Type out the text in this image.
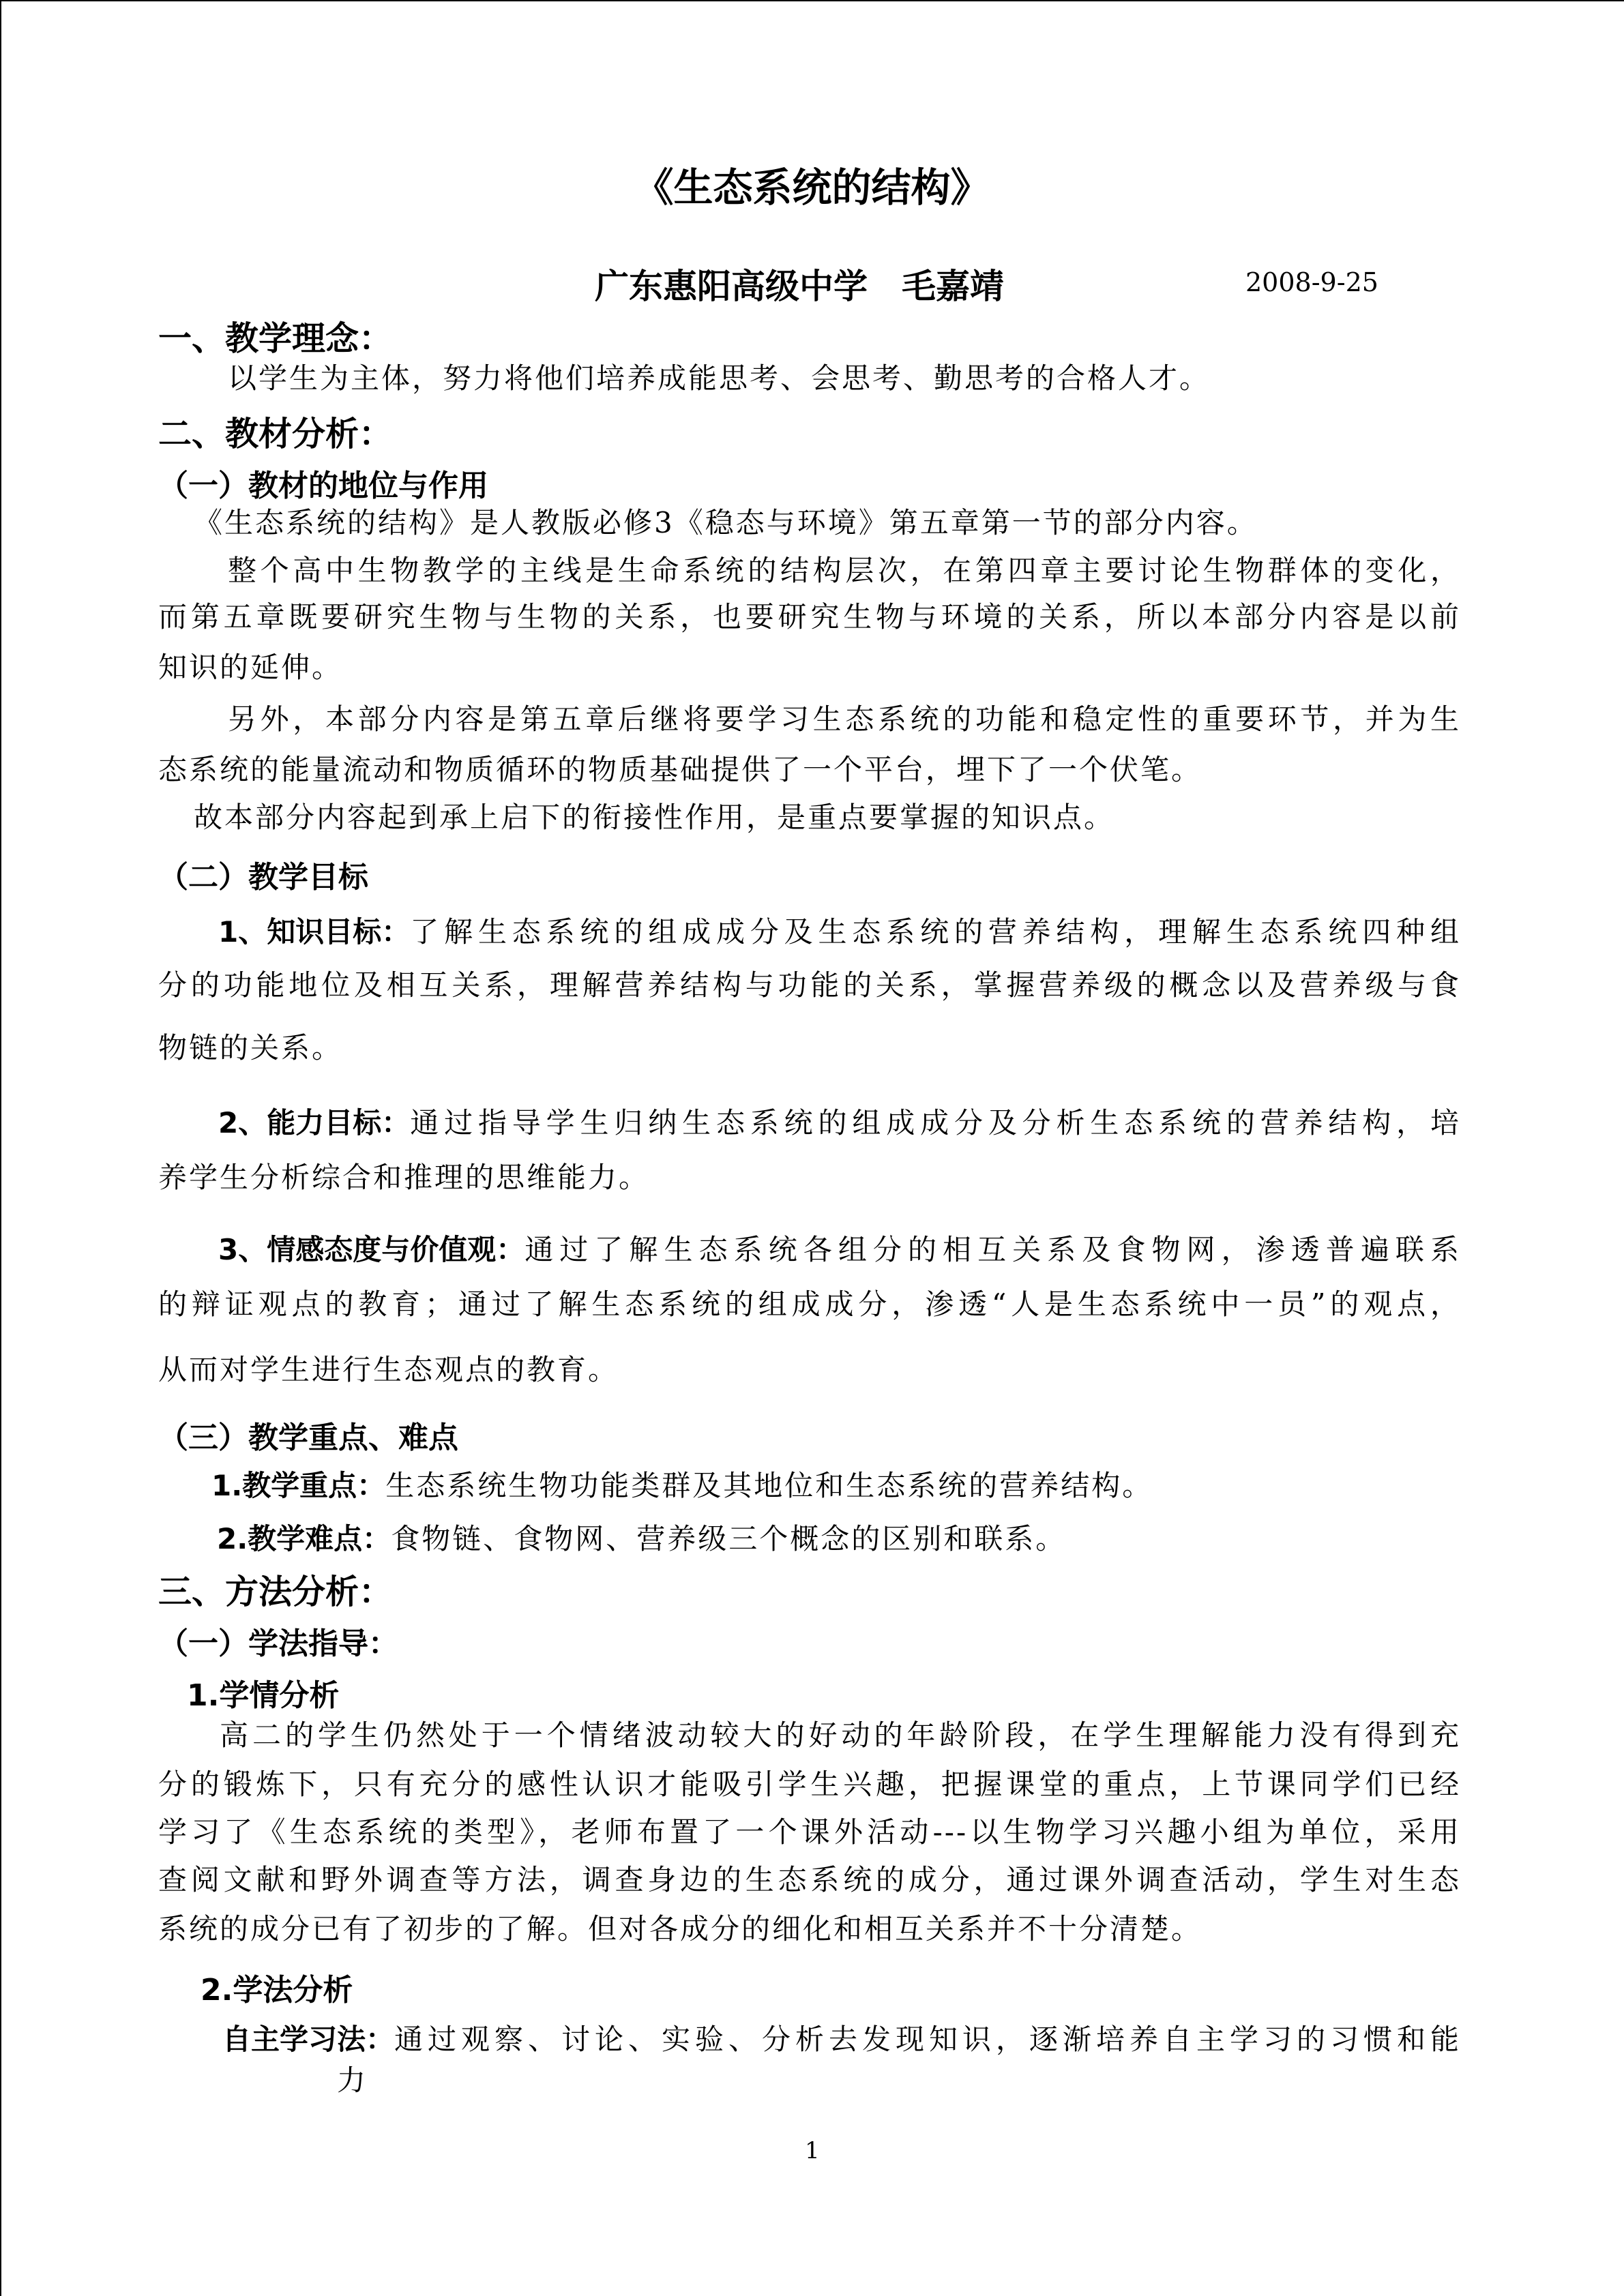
《生态系统的结构》

广东惠阳高级中学　毛嘉靖	2008-9-25

一、教学理念：

以学生为主体，努力将他们培养成能思考、会思考、勤思考的合格人才。

二、教材分析：

（一）教材的地位与作用

《生态系统的结构》是人教版必修3《稳态与环境》第五章第一节的部分内容。

整个高中生物教学的主线是生命系统的结构层次，在第四章主要讨论生物群体的变化，

而第五章既要研究生物与生物的关系，也要研究生物与环境的关系，所以本部分内容是以前

知识的延伸。

另外，本部分内容是第五章后继将要学习生态系统的功能和稳定性的重要环节，并为生

态系统的能量流动和物质循环的物质基础提供了一个平台，埋下了一个伏笔。

故本部分内容起到承上启下的衔接性作用，是重点要掌握的知识点。

（二）教学目标

1、知识目标： 了解生态系统的组成成分及生态系统的营养结构，理解生态系统四种组

分的功能地位及相互关系，理解营养结构与功能的关系，掌握营养级的概念以及营养级与食

物链的关系。

2、能力目标： 通过指导学生归纳生态系统的组成成分及分析生态系统的营养结构，培

养学生分析综合和推理的思维能力。

3、情感态度与价值观： 通过了解生态系统各组分的相互关系及食物网，渗透普遍联系

的辩证观点的教育；通过了解生态系统的组成成分，渗透“人是生态系统中一员”的观点，

从而对学生进行生态观点的教育。

（三）教学重点、难点

1.教学重点：生态系统生物功能类群及其地位和生态系统的营养结构。
2.教学难点：食物链、食物网、营养级三个概念的区别和联系。

三、方法分析：

（一）学法指导：

1.学情分析

高二的学生仍然处于一个情绪波动较大的好动的年龄阶段，在学生理解能力没有得到充

分的锻炼下，只有充分的感性认识才能吸引学生兴趣，把握课堂的重点，上节课同学们已经

学习了《生态系统的类型》，老师布置了一个课外活动---以生物学习兴趣小组为单位，采用

查阅文献和野外调查等方法，调查身边的生态系统的成分，通过课外调查活动，学生对生态

系统的成分已有了初步的了解。但对各成分的细化和相互关系并不十分清楚。

2.学法分析

自主学习法： 通过观察、讨论、实验、分析去发现知识，逐渐培养自主学习的习惯和能

力

1
